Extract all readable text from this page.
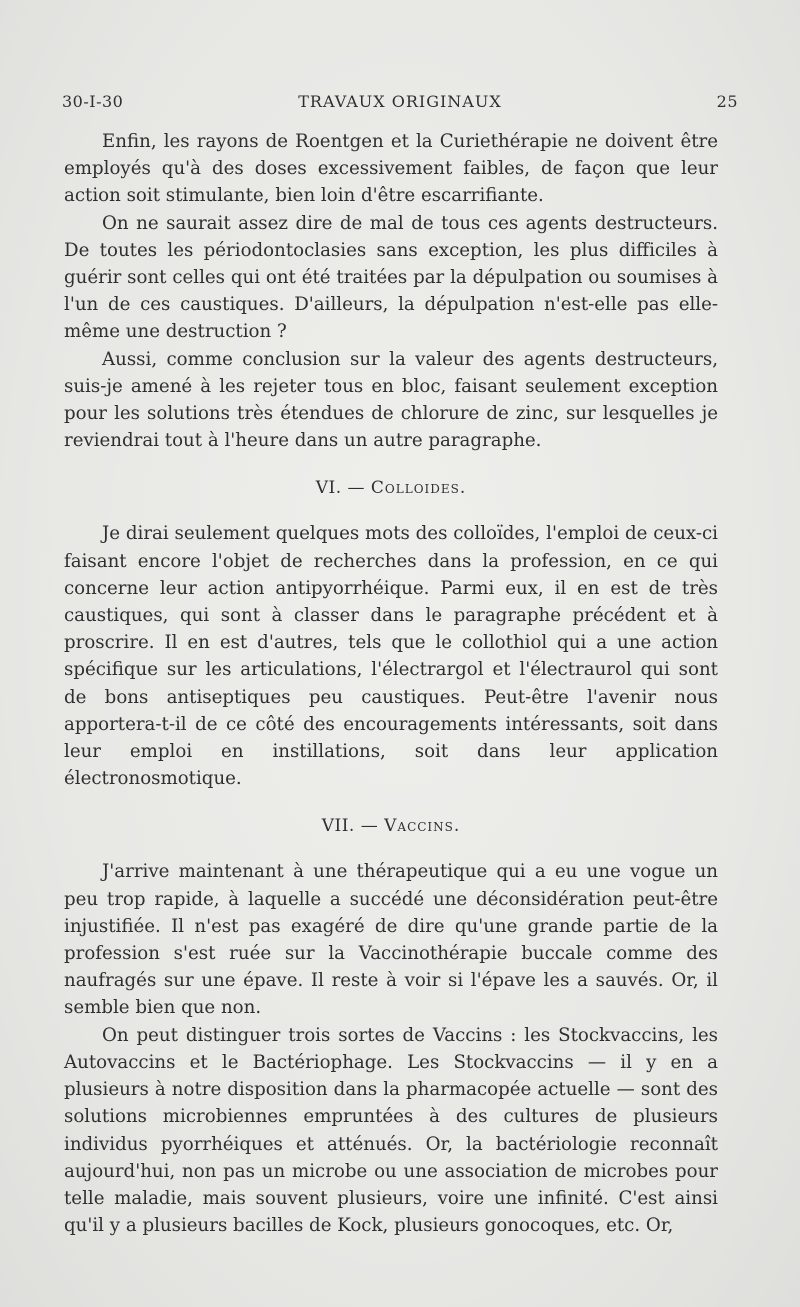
30-I-30	TRAVAUX ORIGINAUX	25

Enfin, les rayons de Roentgen et la Curiethérapie ne doivent être employés qu'à des doses excessivement faibles, de façon que leur action soit stimulante, bien loin d'être escarrifiante.

On ne saurait assez dire de mal de tous ces agents destructeurs. De toutes les périodontoclasies sans exception, les plus difficiles à guérir sont celles qui ont été traitées par la dépulpation ou soumises à l'un de ces caustiques. D'ailleurs, la dépulpation n'est-elle pas elle-même une destruction ?

Aussi, comme conclusion sur la valeur des agents destructeurs, suis-je amené à les rejeter tous en bloc, faisant seulement exception pour les solutions très étendues de chlorure de zinc, sur lesquelles je reviendrai tout à l'heure dans un autre paragraphe.

VI. — Colloides.

Je dirai seulement quelques mots des colloïdes, l'emploi de ceux-ci faisant encore l'objet de recherches dans la profession, en ce qui concerne leur action antipyorrhéique. Parmi eux, il en est de très caustiques, qui sont à classer dans le paragraphe précédent et à proscrire. Il en est d'autres, tels que le collothiol qui a une action spécifique sur les articulations, l'électrargol et l'électraurol qui sont de bons antiseptiques peu caustiques. Peut-être l'avenir nous apportera-t-il de ce côté des encouragements intéressants, soit dans leur emploi en instillations, soit dans leur application électronosmotique.

VII. — Vaccins.

J'arrive maintenant à une thérapeutique qui a eu une vogue un peu trop rapide, à laquelle a succédé une déconsidération peut-être injustifiée. Il n'est pas exagéré de dire qu'une grande partie de la profession s'est ruée sur la Vaccinothérapie buccale comme des naufragés sur une épave. Il reste à voir si l'épave les a sauvés. Or, il semble bien que non.

On peut distinguer trois sortes de Vaccins : les Stockvaccins, les Autovaccins et le Bactériophage. Les Stockvaccins — il y en a plusieurs à notre disposition dans la pharmacopée actuelle — sont des solutions microbiennes empruntées à des cultures de plusieurs individus pyorrhéiques et atténués. Or, la bactériologie reconnaît aujourd'hui, non pas un microbe ou une association de microbes pour telle maladie, mais souvent plusieurs, voire une infinité. C'est ainsi qu'il y a plusieurs bacilles de Kock, plusieurs gonocoques, etc. Or,
